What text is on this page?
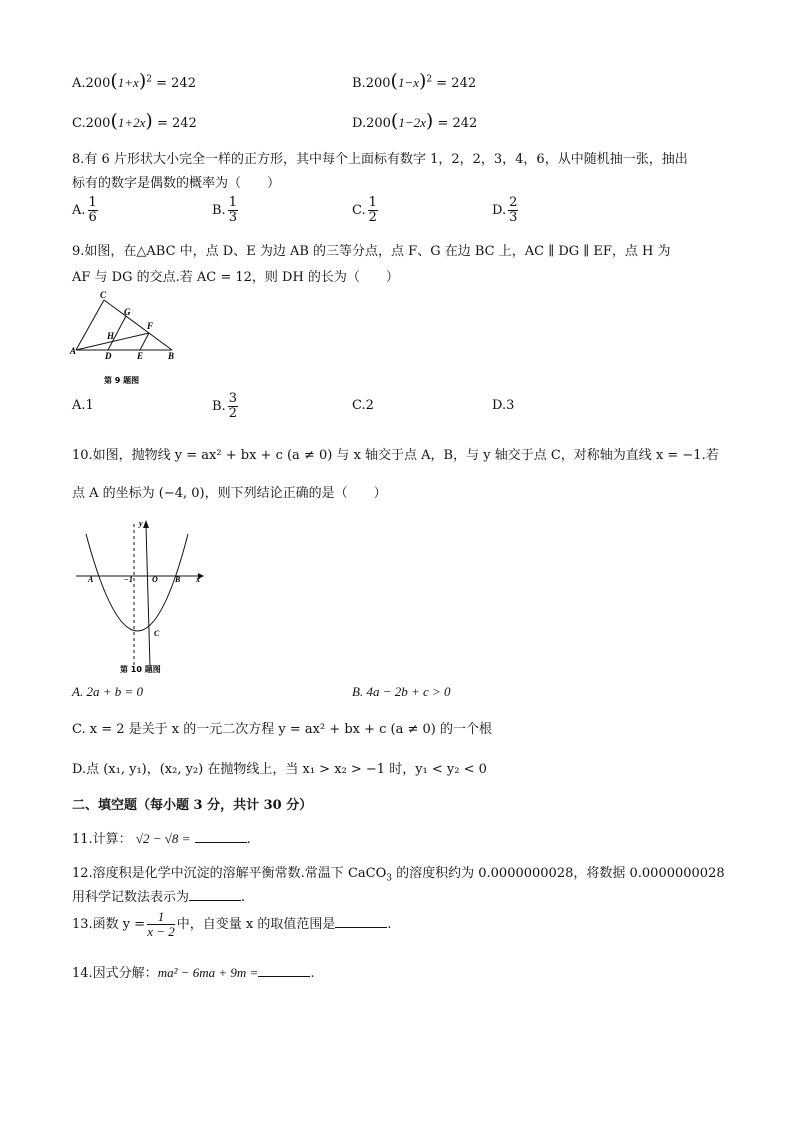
$A.200(1+x)^2 = 242$	$B.200(1-x)^2 = 242$
C.200(1+2x) = 242	D.200(1−2x) = 242
8.有 6 片形状大小完全一样的正方形，其中每个上面标有数字 1，2，2，3，4，6，从中随机抽一张，抽出
标有的数字是偶数的概率为（　　）
A. $\frac{1}{6}$	B. $\frac{1}{3}$	C. $\frac{1}{2}$	D. $\frac{2}{3}$
9.如图，在△ABC 中，点 D、E 为边 AB 的三等分点，点 F、G 在边 BC 上，AC ∥ DG ∥ EF，点 H 为
AF 与 DG 的交点.若 AC = 12，则 DH 的长为（　　）
C
G
F
H
A	D	E	B
第 9 题图
A.1	B. $\frac{3}{2}$	C.2	D.3
10.如图，抛物线 y = ax² + bx + c (a ≠ 0) 与 x 轴交于点 A，B，与 y 轴交于点 C，对称轴为直线 x = −1.若
点 A 的坐标为 (−4, 0)，则下列结论正确的是（　　）
y
x
A	−1 O B
C
第 10 题图
A. 2a + b = 0	B. 4a − 2b + c > 0
C. x = 2 是关于 x 的一元二次方程 y = ax² + bx + c (a ≠ 0) 的一个根
D.点 (x₁, y₁)，(x₂, y₂) 在抛物线上，当 x₁ > x₂ > −1 时，y₁ < y₂ < 0
二、填空题（每小题 3 分，共计 30 分）
11.计算： √2 − √8 =	.
12.溶度积是化学中沉淀的溶解平衡常数.常温下 CaCO$_3$ 的溶度积约为 0.0000000028，将数据 0.0000000028
用科学记数法表示为	.
13.函数 $y = \frac{1}{x - 2}$ 中，自变量 x 的取值范围是	.
14.因式分解：ma² − 6ma + 9m =	.
